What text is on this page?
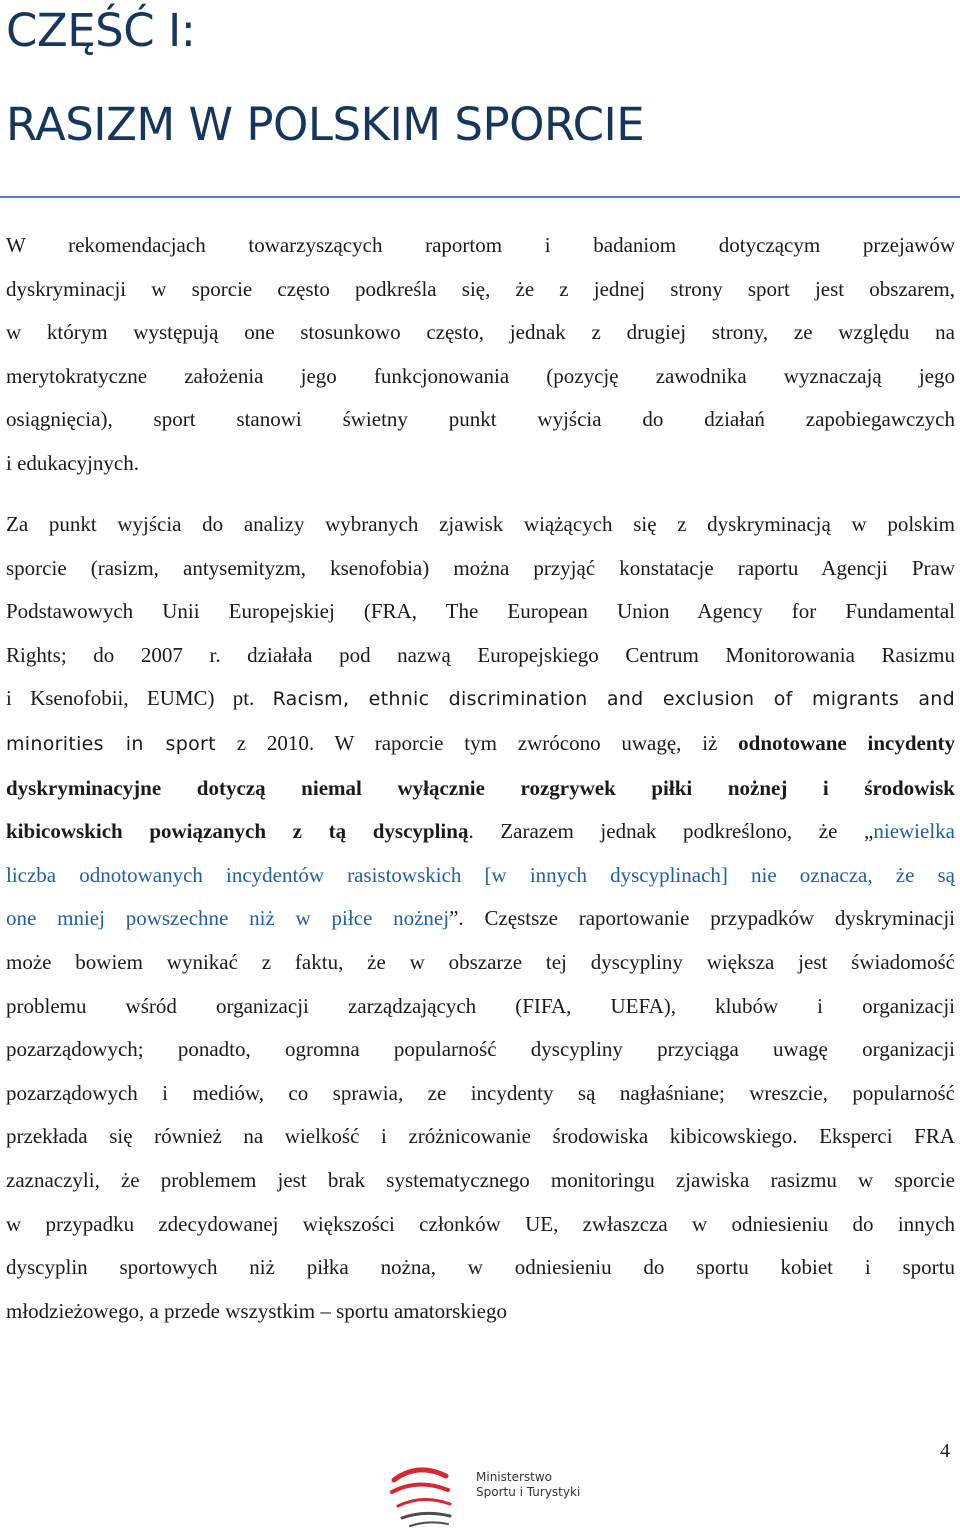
CZĘŚĆ I:
RASIZM W POLSKIM SPORCIE
W rekomendacjach towarzyszących raportom i badaniom dotyczącym przejawów
dyskryminacji w sporcie często podkreśla się, że z jednej strony sport jest obszarem,
w którym występują one stosunkowo często, jednak z drugiej strony, ze względu na
merytokratyczne założenia jego funkcjonowania (pozycję zawodnika wyznaczają jego
osiągnięcia), sport stanowi świetny punkt wyjścia do działań zapobiegawczych
i edukacyjnych.
Za punkt wyjścia do analizy wybranych zjawisk wiążących się z dyskryminacją w polskim
sporcie (rasizm, antysemityzm, ksenofobia) można przyjąć konstatacje raportu Agencji Praw
Podstawowych Unii Europejskiej (FRA, The European Union Agency for Fundamental
Rights; do 2007 r. działała pod nazwą Europejskiego Centrum Monitorowania Rasizmu
i Ksenofobii, EUMC) pt. Racism, ethnic discrimination and exclusion of migrants and
minorities in sport z 2010. W raporcie tym zwrócono uwagę, iż odnotowane incydenty
dyskryminacyjne dotyczą niemal wyłącznie rozgrywek piłki nożnej i środowisk
kibicowskich powiązanych z tą dyscypliną. Zarazem jednak podkreślono, że „niewielka
liczba odnotowanych incydentów rasistowskich [w innych dyscyplinach] nie oznacza, że są
one mniej powszechne niż w piłce nożnej”. Częstsze raportowanie przypadków dyskryminacji
może bowiem wynikać z faktu, że w obszarze tej dyscypliny większa jest świadomość
problemu wśród organizacji zarządzających (FIFA, UEFA), klubów i organizacji
pozarządowych; ponadto, ogromna popularność dyscypliny przyciąga uwagę organizacji
pozarządowych i mediów, co sprawia, ze incydenty są nagłaśniane; wreszcie, popularność
przekłada się również na wielkość i zróżnicowanie środowiska kibicowskiego. Eksperci FRA
zaznaczyli, że problemem jest brak systematycznego monitoringu zjawiska rasizmu w sporcie
w przypadku zdecydowanej większości członków UE, zwłaszcza w odniesieniu do innych
dyscyplin sportowych niż piłka nożna, w odniesieniu do sportu kobiet i sportu
młodzieżowego, a przede wszystkim – sportu amatorskiego
4
Ministerstwo
Sportu i Turystyki
